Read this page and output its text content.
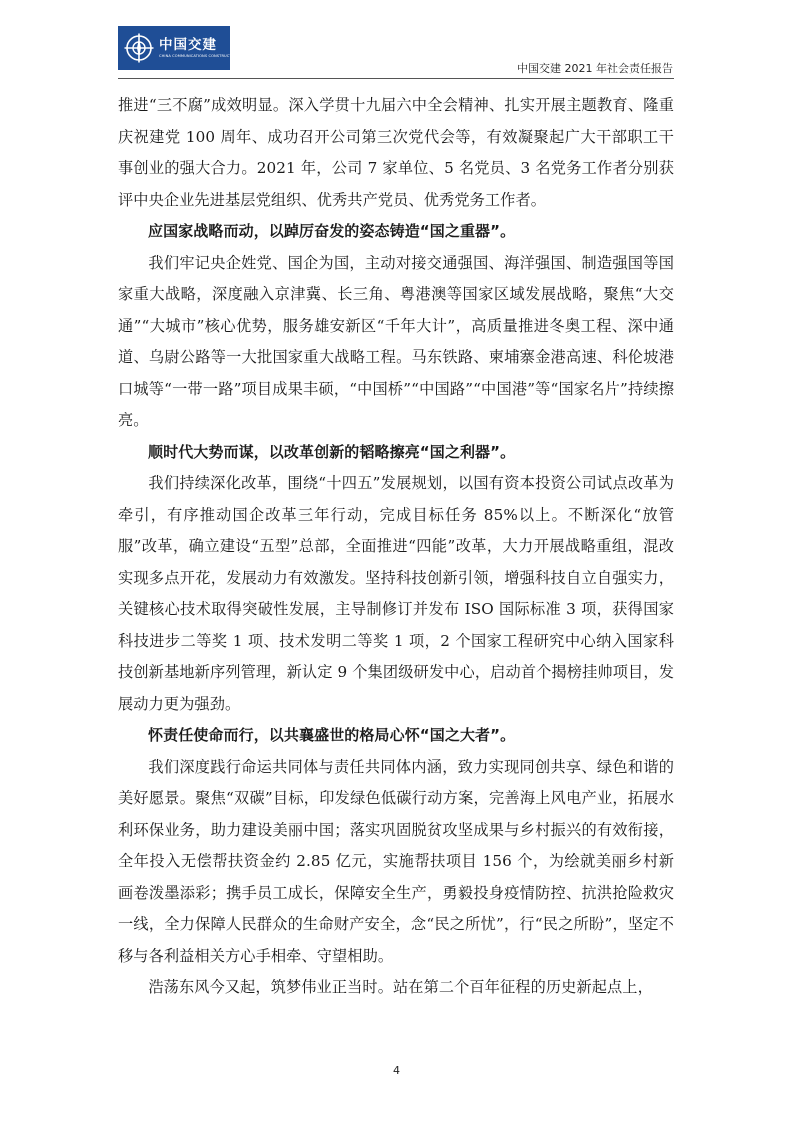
中国交建
CHINA COMMUNICATIONS CONSTRUCTION
中国交建 2021 年社会责任报告

推进“三不腐”成效明显。深入学贯十九届六中全会精神、扎实开展主题教育、隆重庆祝建党 100 周年、成功召开公司第三次党代会等，有效凝聚起广大干部职工干事创业的强大合力。2021 年，公司 7 家单位、5 名党员、3 名党务工作者分别获评中央企业先进基层党组织、优秀共产党员、优秀党务工作者。

应国家战略而动，以踔厉奋发的姿态铸造“国之重器”。

我们牢记央企姓党、国企为国，主动对接交通强国、海洋强国、制造强国等国家重大战略，深度融入京津冀、长三角、粤港澳等国家区域发展战略，聚焦“大交通”“大城市”核心优势，服务雄安新区“千年大计”，高质量推进冬奥工程、深中通道、乌尉公路等一大批国家重大战略工程。马东铁路、柬埔寨金港高速、科伦坡港口城等“一带一路”项目成果丰硕，“中国桥”“中国路”“中国港”等“国家名片”持续擦亮。

顺时代大势而谋，以改革创新的韬略擦亮“国之利器”。

我们持续深化改革，围绕“十四五”发展规划，以国有资本投资公司试点改革为牵引，有序推动国企改革三年行动，完成目标任务 85%以上。不断深化“放管服”改革，确立建设“五型”总部，全面推进“四能”改革，大力开展战略重组，混改实现多点开花，发展动力有效激发。坚持科技创新引领，增强科技自立自强实力，关键核心技术取得突破性发展，主导制修订并发布 ISO 国际标准 3 项，获得国家科技进步二等奖 1 项、技术发明二等奖 1 项，2 个国家工程研究中心纳入国家科技创新基地新序列管理，新认定 9 个集团级研发中心，启动首个揭榜挂帅项目，发展动力更为强劲。

怀责任使命而行，以共襄盛世的格局心怀“国之大者”。

我们深度践行命运共同体与责任共同体内涵，致力实现同创共享、绿色和谐的美好愿景。聚焦“双碳”目标，印发绿色低碳行动方案，完善海上风电产业，拓展水利环保业务，助力建设美丽中国；落实巩固脱贫攻坚成果与乡村振兴的有效衔接，全年投入无偿帮扶资金约 2.85 亿元，实施帮扶项目 156 个，为绘就美丽乡村新画卷泼墨添彩；携手员工成长，保障安全生产，勇毅投身疫情防控、抗洪抢险救灾一线，全力保障人民群众的生命财产安全，念“民之所忧”，行“民之所盼”，坚定不移与各利益相关方心手相牵、守望相助。

浩荡东风今又起，筑梦伟业正当时。站在第二个百年征程的历史新起点上，

4
